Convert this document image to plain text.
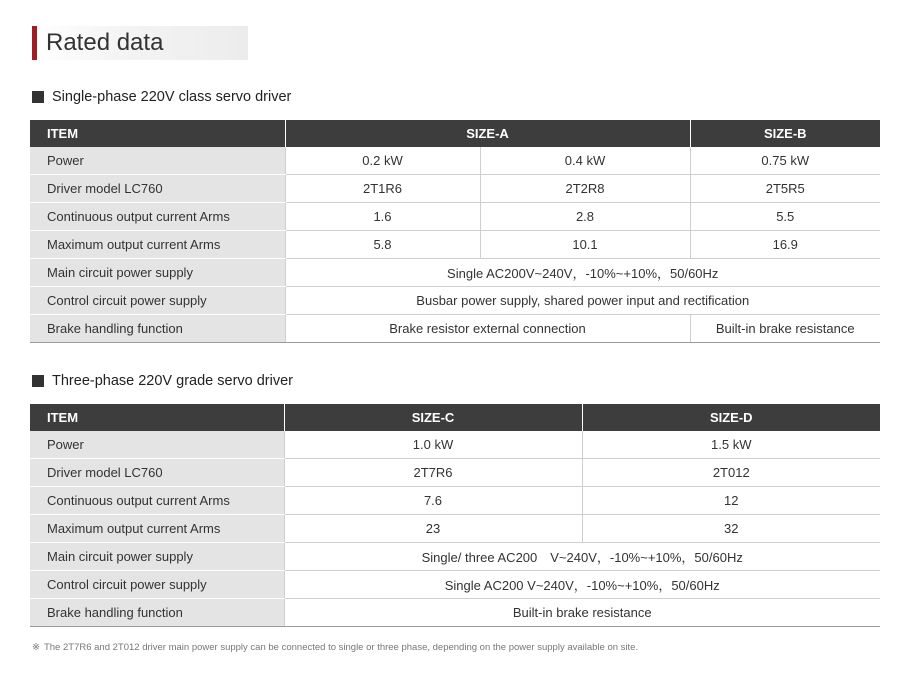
Rated data
Single-phase 220V class servo driver
ITEM	SIZE-A		SIZE-B
Power	0.2 kW	0.4 kW	0.75 kW
Driver model LC760	2T1R6	2T2R8	2T5R5
Continuous output current Arms	1.6	2.8	5.5
Maximum output current Arms	5.8	10.1	16.9
Main circuit power supply	Single AC200V~240V，-10%~+10%，50/60Hz		
Control circuit power supply	Busbar power supply, shared power input and rectification		
Brake handling function	Brake resistor external connection		Built-in brake resistance
Three-phase 220V grade servo driver
ITEM	SIZE-C	SIZE-D
Power	1.0 kW	1.5 kW
Driver model LC760	2T7R6	2T012
Continuous output current Arms	7.6	12
Maximum output current Arms	23	32
Main circuit power supply	Single/ three AC200　V~240V，-10%~+10%，50/60Hz	
Control circuit power supply	Single AC200 V~240V，-10%~+10%，50/60Hz	
Brake handling function	Built-in brake resistance	
※ The 2T7R6 and 2T012 driver main power supply can be connected to single or three phase, depending on the power supply available on site.
